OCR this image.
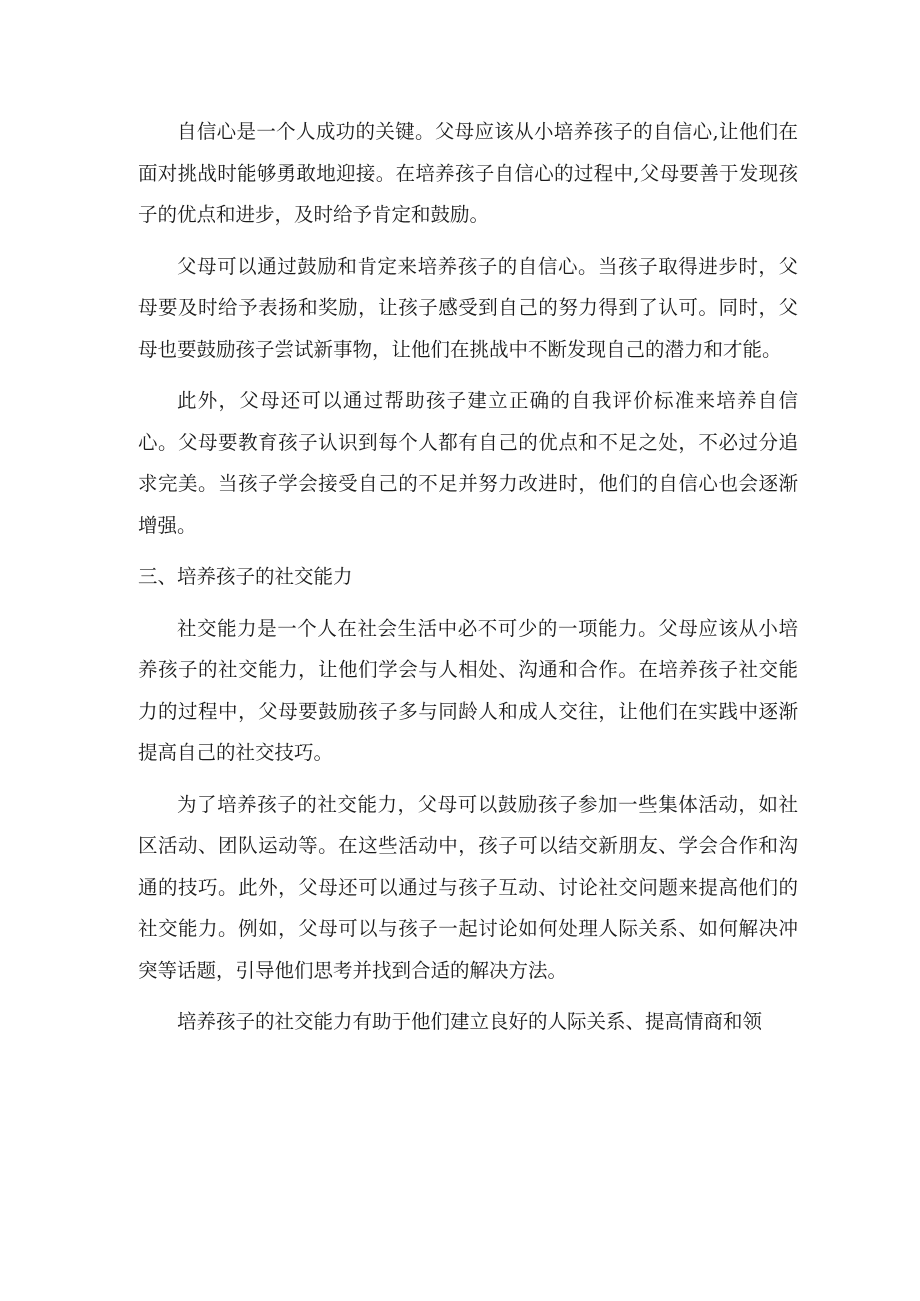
自信心是一个人成功的关键。父母应该从小培养孩子的自信心,让他们在面对挑战时能够勇敢地迎接。在培养孩子自信心的过程中,父母要善于发现孩子的优点和进步，及时给予肯定和鼓励。

父母可以通过鼓励和肯定来培养孩子的自信心。当孩子取得进步时，父母要及时给予表扬和奖励，让孩子感受到自己的努力得到了认可。同时，父母也要鼓励孩子尝试新事物，让他们在挑战中不断发现自己的潜力和才能。

此外，父母还可以通过帮助孩子建立正确的自我评价标准来培养自信心。父母要教育孩子认识到每个人都有自己的优点和不足之处，不必过分追求完美。当孩子学会接受自己的不足并努力改进时，他们的自信心也会逐渐增强。

三、培养孩子的社交能力

社交能力是一个人在社会生活中必不可少的一项能力。父母应该从小培养孩子的社交能力，让他们学会与人相处、沟通和合作。在培养孩子社交能力的过程中，父母要鼓励孩子多与同龄人和成人交往，让他们在实践中逐渐提高自己的社交技巧。

为了培养孩子的社交能力，父母可以鼓励孩子参加一些集体活动，如社区活动、团队运动等。在这些活动中，孩子可以结交新朋友、学会合作和沟通的技巧。此外，父母还可以通过与孩子互动、讨论社交问题来提高他们的社交能力。例如，父母可以与孩子一起讨论如何处理人际关系、如何解决冲突等话题，引导他们思考并找到合适的解决方法。

培养孩子的社交能力有助于他们建立良好的人际关系、提高情商和领
